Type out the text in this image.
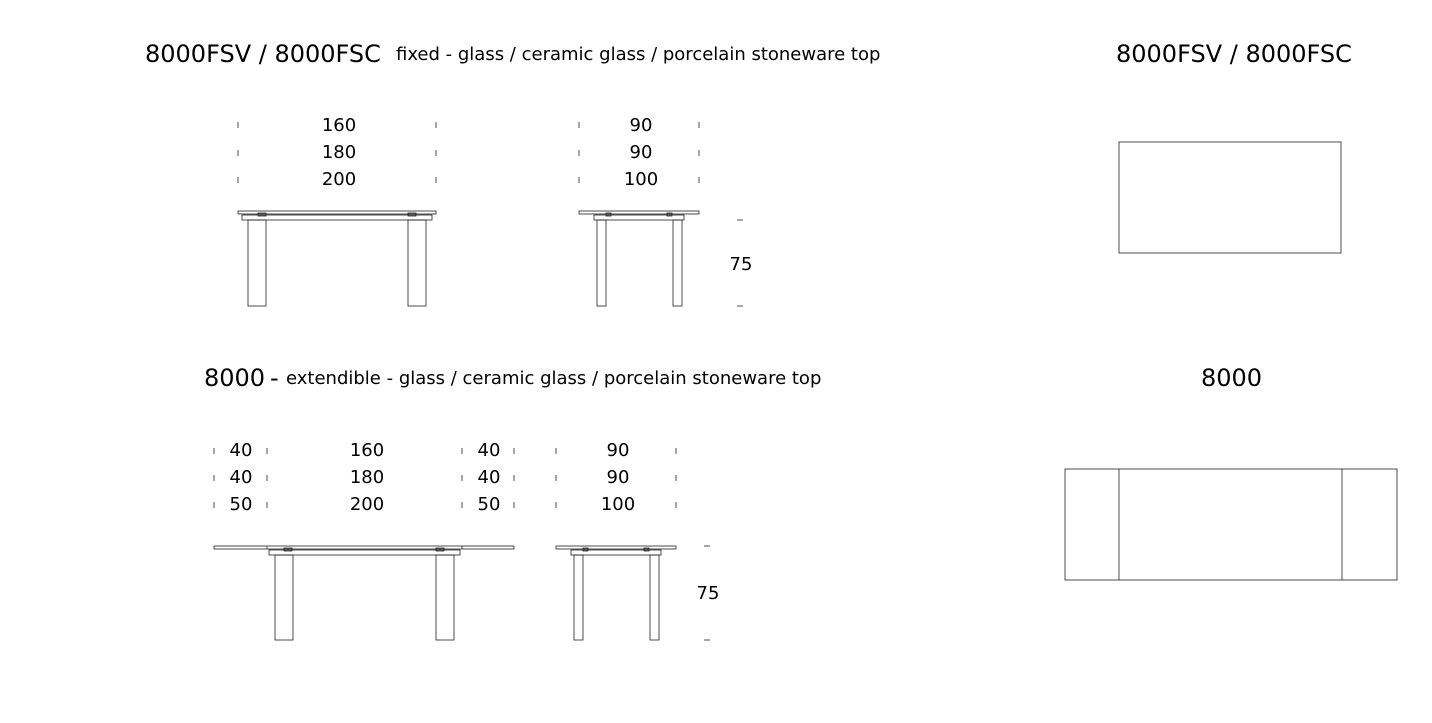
8000FSV / 8000FSC fixed - glass / ceramic glass / porcelain stoneware top	8000FSV / 8000FSC
8000 - extendible - glass / ceramic glass / porcelain stoneware top	8000
160
180
200
90
90
100
75
40
40
50
160
180
200
40
40
50
90
90
100
75
